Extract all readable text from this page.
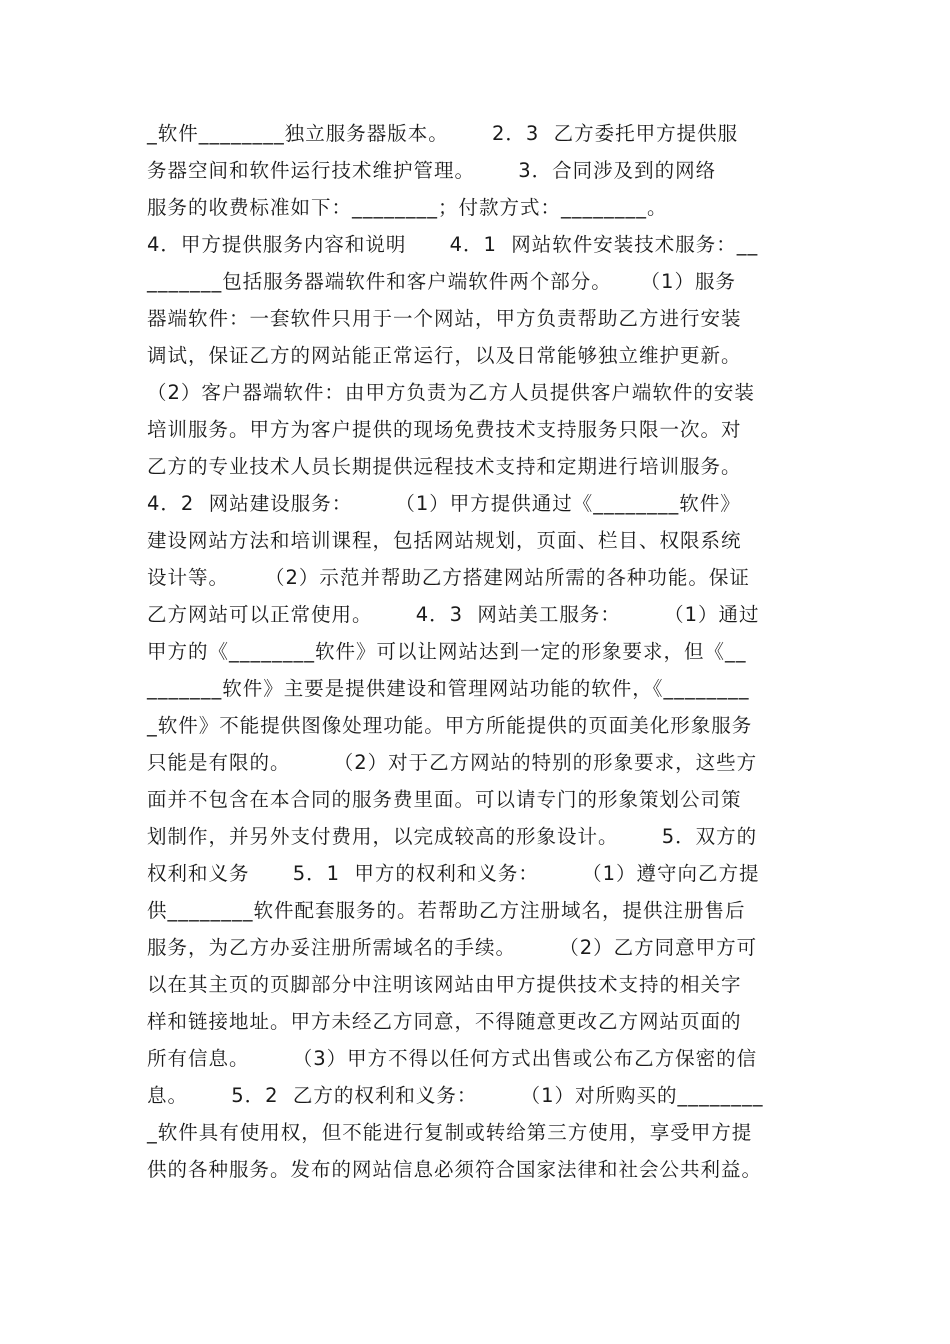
_软件________独立服务器版本。      2．3  乙方委托甲方提供服
务器空间和软件运行技术维护管理。      3．合同涉及到的网络
服务的收费标准如下：________；付款方式：________。
4．甲方提供服务内容和说明      4．1  网站软件安装技术服务：__
_______包括服务器端软件和客户端软件两个部分。    （1）服务
器端软件：一套软件只用于一个网站，甲方负责帮助乙方进行安装
调试，保证乙方的网站能正常运行，以及日常能够独立维护更新。
（2）客户器端软件：由甲方负责为乙方人员提供客户端软件的安装
培训服务。甲方为客户提供的现场免费技术支持服务只限一次。对
乙方的专业技术人员长期提供远程技术支持和定期进行培训服务。
4．2  网站建设服务：      （1）甲方提供通过《________软件》
建设网站方法和培训课程，包括网站规划，页面、栏目、权限系统
设计等。     （2）示范并帮助乙方搭建网站所需的各种功能。保证
乙方网站可以正常使用。      4．3  网站美工服务：      （1）通过
甲方的《________软件》可以让网站达到一定的形象要求，但《__
_______软件》主要是提供建设和管理网站功能的软件，《________
_软件》不能提供图像处理功能。甲方所能提供的页面美化形象服务
只能是有限的。      （2）对于乙方网站的特别的形象要求，这些方
面并不包含在本合同的服务费里面。可以请专门的形象策划公司策
划制作，并另外支付费用，以完成较高的形象设计。      5．双方的
权利和义务      5．1  甲方的权利和义务：      （1）遵守向乙方提
供________软件配套服务的。若帮助乙方注册域名，提供注册售后
服务，为乙方办妥注册所需域名的手续。      （2）乙方同意甲方可
以在其主页的页脚部分中注明该网站由甲方提供技术支持的相关字
样和链接地址。甲方未经乙方同意，不得随意更改乙方网站页面的
所有信息。      （3）甲方不得以任何方式出售或公布乙方保密的信
息。      5．2  乙方的权利和义务：      （1）对所购买的________
_软件具有使用权，但不能进行复制或转给第三方使用，享受甲方提
供的各种服务。发布的网站信息必须符合国家法律和社会公共利益。
